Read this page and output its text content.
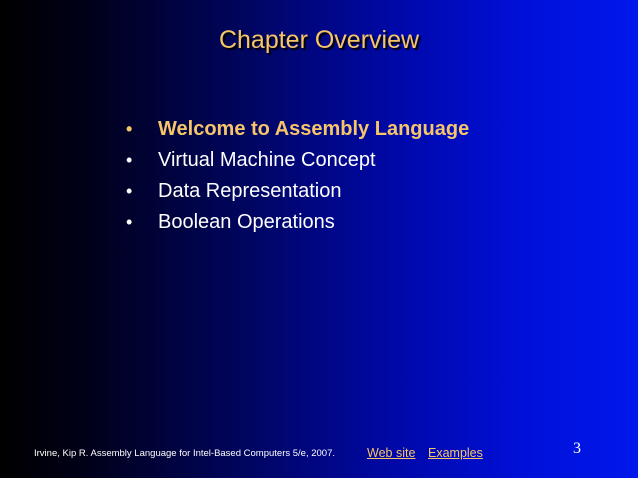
Chapter Overview
•	Welcome to Assembly Language
•	Virtual Machine Concept
•	Data Representation
•	Boolean Operations
Irvine, Kip R. Assembly Language for Intel-Based Computers 5/e, 2007.	Web site Examples	3
